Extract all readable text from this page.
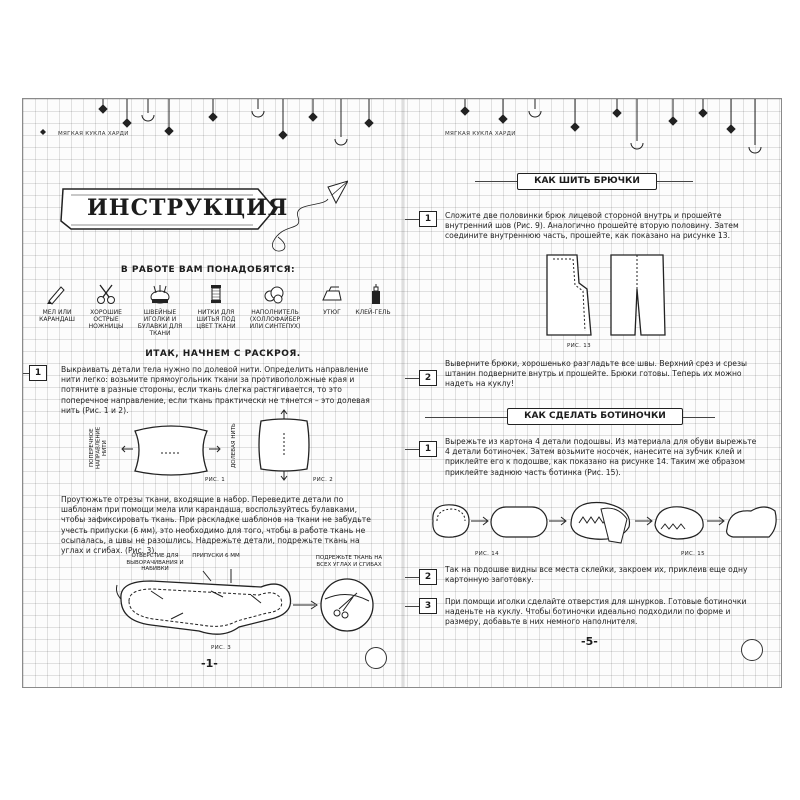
МЯГКАЯ КУКЛА ХАРДИ
ИНСТРУКЦИЯ
В РАБОТЕ ВАМ ПОНАДОБЯТСЯ:
МЕЛ ИЛИ КАРАНДАШ
ХОРОШИЕ ОСТРЫЕ НОЖНИЦЫ
ШВЕЙНЫЕ ИГОЛКИ И БУЛАВКИ ДЛЯ ТКАНИ
НИТКИ ДЛЯ ШИТЬЯ ПОД ЦВЕТ ТКАНИ
НАПОЛНИТЕЛЬ (ХОЛЛОФАЙБЕР ИЛИ СИНТЕПУХ)
УТЮГ	КЛЕЙ-ГЕЛЬ
ИТАК, НАЧНЕМ С РАСКРОЯ.
1	Выкраивать детали тела нужно по долевой нити. Определить направление нити легко: возьмите прямоугольник ткани за противоположные края и потяните в разные стороны, если ткань слегка растягивается, то это поперечное направление, если ткань практически не тянется – это долевая нить (Рис. 1 и 2).
ПОПЕРЕЧНОЕ НАПРАВЛЕНИЕ НИТИ
РИС. 1
ДОЛЕВАЯ НИТЬ
РИС. 2
Проутюжьте отрезы ткани, входящие в набор. Переведите детали по шаблонам при помощи мела или карандаша, воспользуйтесь булавками, чтобы зафиксировать ткань. При раскладке шаблонов на ткани не забудьте учесть припуски (6 мм), это необходимо для того, чтобы в работе ткань не осыпалась, а швы не разошлись. Надрежьте детали, подрежьте ткань на углах и сгибах. (Рис. 3).
ОТВЕРСТИЕ ДЛЯ ВЫВОРАЧИВАНИЯ И НАБИВКИ
ПРИПУСКИ 6 ММ	ПОДРЕЖЬТЕ ТКАНЬ НА ВСЕХ УГЛАХ И СГИБАХ
РИС. 3
-1-
МЯГКАЯ КУКЛА ХАРДИ
КАК ШИТЬ БРЮЧКИ
1	Сложите две половинки брюк лицевой стороной внутрь и прошейте внутренний шов (Рис. 9). Аналогично прошейте вторую половину. Затем соедините внутреннюю часть, прошейте, как показано на рисунке 13.
РИС. 13
2
Выверните брюки, хорошенько разгладьте все швы. Верхний срез и срезы штанин подверните внутрь и прошейте. Брюки готовы. Теперь их можно надеть на куклу!
КАК СДЕЛАТЬ БОТИНОЧКИ
1
Вырежьте из картона 4 детали подошвы. Из материала для обуви вырежьте 4 детали ботиночек. Затем возьмите носочек, нанесите на зубчик клей и приклейте его к подошве, как показано на рисунке 14. Таким же образом приклейте заднюю часть ботинка (Рис. 15).
РИС. 14	РИС. 15
2
Так на подошве видны все места склейки, закроем их, приклеив еще одну картонную заготовку.
3	При помощи иголки сделайте отверстия для шнурков. Готовые ботиночки наденьте на куклу. Чтобы ботиночки идеально подходили по форме и размеру, добавьте в них немного наполнителя.
-5-
